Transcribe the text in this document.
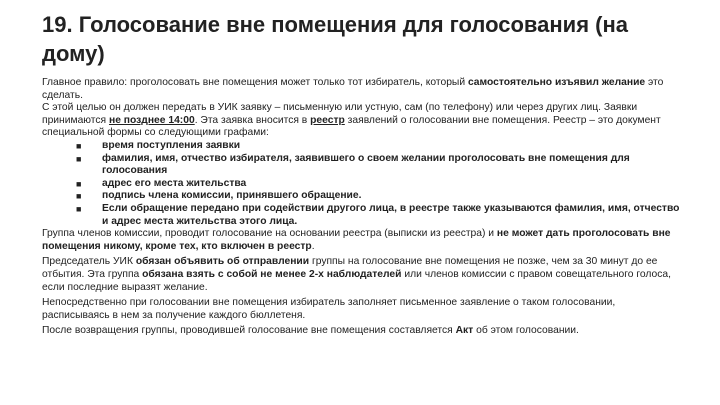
19. Голосование вне помещения для голосования (на дому)

Главное правило: проголосовать вне помещения может только тот избиратель, который самостоятельно изъявил желание это сделать.

С этой целью он должен передать в УИК заявку – письменную или устную, сам (по телефону) или через других лиц. Заявки принимаются не позднее 14:00. Эта заявка вносится в реестр заявлений о голосовании вне помещения. Реестр – это документ специальной формы со следующими графами:

■ время поступления заявки
■ фамилия, имя, отчество избирателя, заявившего о своем желании проголосовать вне помещения для голосования
■ адрес его места жительства
■ подпись члена комиссии, принявшего обращение.
■ Если обращение передано при содействии другого лица, в реестре также указываются фамилия, имя, отчество и адрес места жительства этого лица.

Группа членов комиссии, проводит голосование на основании реестра (выписки из реестра) и не может дать проголосовать вне помещения никому, кроме тех, кто включен в реестр.

Председатель УИК обязан объявить об отправлении группы на голосование вне помещения не позже, чем за 30 минут до ее отбытия. Эта группа обязана взять с собой не менее 2-х наблюдателей или членов комиссии с правом совещательного голоса, если последние выразят желание.

Непосредственно при голосовании вне помещения избиратель заполняет письменное заявление о таком голосовании, расписываясь в нем за получение каждого бюллетеня.

После возвращения группы, проводившей голосование вне помещения составляется Акт об этом голосовании.
